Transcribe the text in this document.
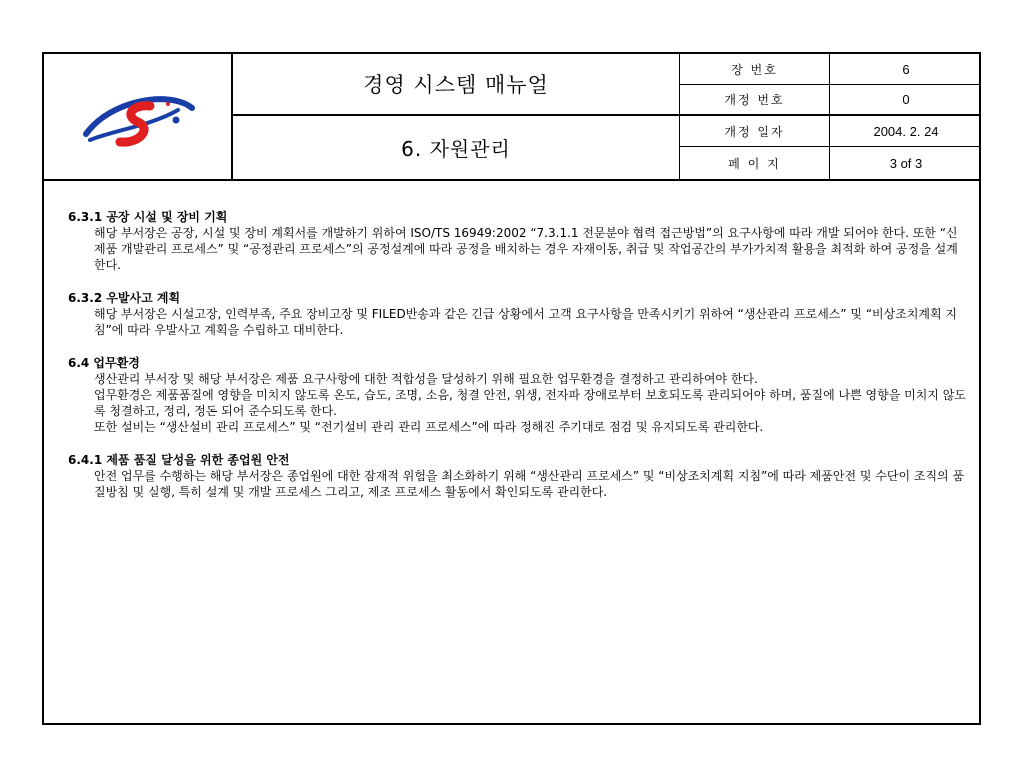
경영 시스템 매뉴얼
6. 자원관리
장 번호	6
개정 번호	0
개정 일자	2004. 2. 24
페 이 지	3 of 3
6.3.1 공장 시설 및 장비 기획
해당 부서장은 공장, 시설 및 장비 계획서를 개발하기 위하여 ISO/TS 16949:2002 “7.3.1.1 전문분야 협력 접근방법”의 요구사항에 따라 개발 되어야 한다. 또한 “신제품 개발관리 프로세스” 및 “공정관리 프로세스”의 공정설계에 따라 공정을 배치하는 경우 자재이동, 취급 및 작업공간의 부가가치적 활용을 최적화 하여 공정을 설계한다.
6.3.2 우발사고 계획
해당 부서장은 시설고장, 인력부족, 주요 장비고장 및 FILED반송과 같은 긴급 상황에서 고객 요구사항을 만족시키기 위하여 “생산관리 프로세스” 및 “비상조치계획 지침”에 따라 우발사고 계획을 수립하고 대비한다.
6.4 업무환경
생산관리 부서장 및 해당 부서장은 제품 요구사항에 대한 적합성을 달성하기 위해 필요한 업무환경을 결정하고 관리하여야 한다.
업무환경은 제품품질에 영향을 미치지 않도록 온도, 습도, 조명, 소음, 청결 안전, 위생, 전자파 장애로부터 보호되도록 관리되어야 하며, 품질에 나쁜 영향을 미치지 않도록 청결하고, 정리, 정돈 되어 준수되도록 한다.
또한 설비는 “생산설비 관리 프로세스” 및 “전기설비 관리 관리 프로세스”에 따라 정해진 주기대로 점검 및 유지되도록 관리한다.
6.4.1 제품 품질 달성을 위한 종업원 안전
안전 업무를 수행하는 해당 부서장은 종업원에 대한 잠재적 위험을 최소화하기 위해 “생산관리 프로세스” 및 “비상조치계획 지침”에 따라 제품안전 및 수단이 조직의 품질방침 및 실행, 특히 설계 및 개발 프로세스 그리고, 제조 프로세스 활동에서 확인되도록 관리한다.
